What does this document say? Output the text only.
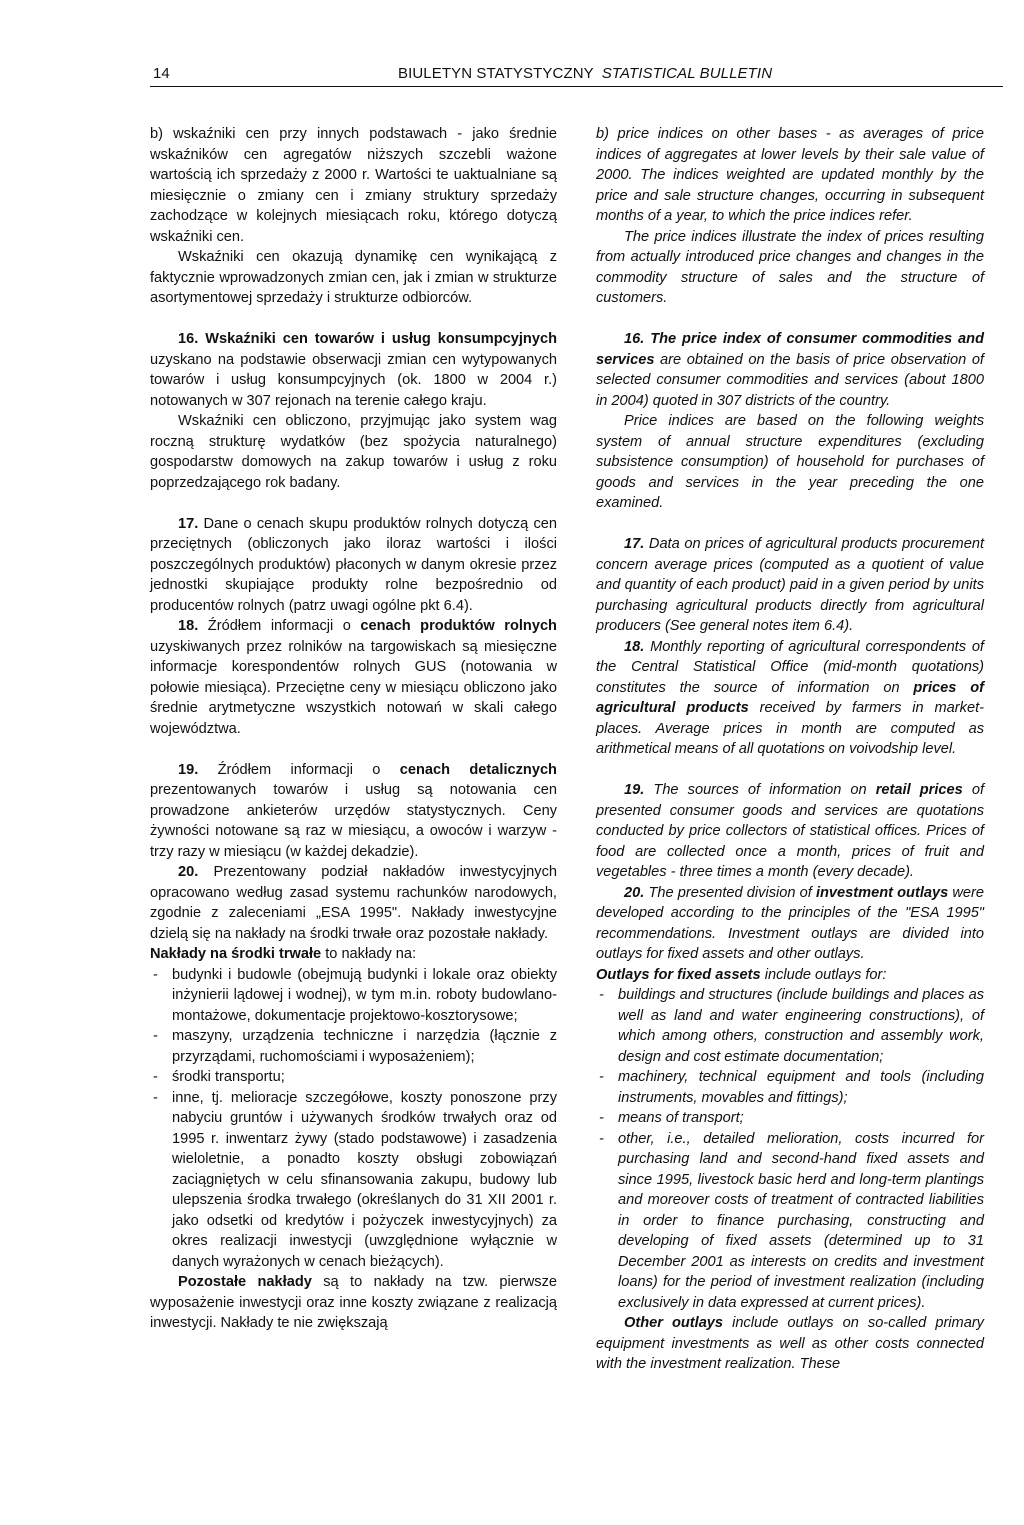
14	BIULETYN STATYSTYCZNY STATISTICAL BULLETIN

b) wskaźniki cen przy innych podstawach - jako średnie wskaźników cen agregatów niższych szczebli ważone wartością ich sprzedaży z 2000 r. Wartości te uaktualniane są miesięcznie o zmiany cen i zmiany struktury sprzedaży zachodzące w kolejnych miesiącach roku, którego dotyczą wskaźniki cen.

Wskaźniki cen okazują dynamikę cen wynikającą z faktycznie wprowadzonych zmian cen, jak i zmian w strukturze asortymentowej sprzedaży i strukturze odbiorców.

16. Wskaźniki cen towarów i usług konsumpcyjnych uzyskano na podstawie obserwacji zmian cen wytypowanych towarów i usług konsumpcyjnych (ok. 1800 w 2004 r.) notowanych w 307 rejonach na terenie całego kraju.

Wskaźniki cen obliczono, przyjmując jako system wag roczną strukturę wydatków (bez spożycia naturalnego) gospodarstw domowych na zakup towarów i usług z roku poprzedzającego rok badany.

17. Dane o cenach skupu produktów rolnych dotyczą cen przeciętnych (obliczonych jako iloraz wartości i ilości poszczególnych produktów) płaconych w danym okresie przez jednostki skupiające produkty rolne bezpośrednio od producentów rolnych (patrz uwagi ogólne pkt 6.4).

18. Źródłem informacji o cenach produktów rolnych uzyskiwanych przez rolników na targowiskach są miesięczne informacje korespondentów rolnych GUS (notowania w połowie miesiąca). Przeciętne ceny w miesiącu obliczono jako średnie arytmetyczne wszystkich notowań w skali całego województwa.

19. Źródłem informacji o cenach detalicznych prezentowanych towarów i usług są notowania cen prowadzone ankieterów urzędów statystycznych. Ceny żywności notowane są raz w miesiącu, a owoców i warzyw - trzy razy w miesiącu (w każdej dekadzie).

20. Prezentowany podział nakładów inwestycyjnych opracowano według zasad systemu rachunków narodowych, zgodnie z zaleceniami „ESA 1995". Nakłady inwestycyjne dzielą się na nakłady na środki trwałe oraz pozostałe nakłady.

Nakłady na środki trwałe to nakłady na:

- budynki i budowle (obejmują budynki i lokale oraz obiekty inżynierii lądowej i wodnej), w tym m.in. roboty budowlano-montażowe, dokumentacje projektowo-kosztorysowe;
- maszyny, urządzenia techniczne i narzędzia (łącznie z przyrządami, ruchomościami i wyposażeniem);
- środki transportu;
- inne, tj. melioracje szczegółowe, koszty ponoszone przy nabyciu gruntów i używanych środków trwałych oraz od 1995 r. inwentarz żywy (stado podstawowe) i zasadzenia wieloletnie, a ponadto koszty obsługi zobowiązań zaciągniętych w celu sfinansowania zakupu, budowy lub ulepszenia środka trwałego (określanych do 31 XII 2001 r. jako odsetki od kredytów i pożyczek inwestycyjnych) za okres realizacji inwestycji (uwzględnione wyłącznie w danych wyrażonych w cenach bieżących).

Pozostałe nakłady są to nakłady na tzw. pierwsze wyposażenie inwestycji oraz inne koszty związane z realizacją inwestycji. Nakłady te nie zwiększają

b) price indices on other bases - as averages of price indices of aggregates at lower levels by their sale value of 2000. The indices weighted are updated monthly by the price and sale structure changes, occurring in subsequent months of a year, to which the price indices refer.

The price indices illustrate the index of prices resulting from actually introduced price changes and changes in the commodity structure of sales and the structure of customers.

16. The price index of consumer commodities and services are obtained on the basis of price observation of selected consumer commodities and services (about 1800 in 2004) quoted in 307 districts of the country.

Price indices are based on the following weights system of annual structure expenditures (excluding subsistence consumption) of household for purchases of goods and services in the year preceding the one examined.

17. Data on prices of agricultural products procurement concern average prices (computed as a quotient of value and quantity of each product) paid in a given period by units purchasing agricultural products directly from agricultural producers (See general notes item 6.4).

18. Monthly reporting of agricultural correspondents of the Central Statistical Office (mid-month quotations) constitutes the source of information on prices of agricultural products received by farmers in market-places. Average prices in month are computed as arithmetical means of all quotations on voivodship level.

19. The sources of information on retail prices of presented consumer goods and services are quotations conducted by price collectors of statistical offices. Prices of food are collected once a month, prices of fruit and vegetables - three times a month (every decade).

20. The presented division of investment outlays were developed according to the principles of the "ESA 1995" recommendations. Investment outlays are divided into outlays for fixed assets and other outlays.

Outlays for fixed assets include outlays for:

- buildings and structures (include buildings and places as well as land and water engineering constructions), of which among others, construction and assembly work, design and cost estimate documentation;
- machinery, technical equipment and tools (including instruments, movables and fittings);
- means of transport;
- other, i.e., detailed melioration, costs incurred for purchasing land and second-hand fixed assets and since 1995, livestock basic herd and long-term plantings and moreover costs of treatment of contracted liabilities in order to finance purchasing, constructing and developing of fixed assets (determined up to 31 December 2001 as interests on credits and investment loans) for the period of investment realization (including exclusively in data expressed at current prices).

Other outlays include outlays on so-called primary equipment investments as well as other costs connected with the investment realization. These
